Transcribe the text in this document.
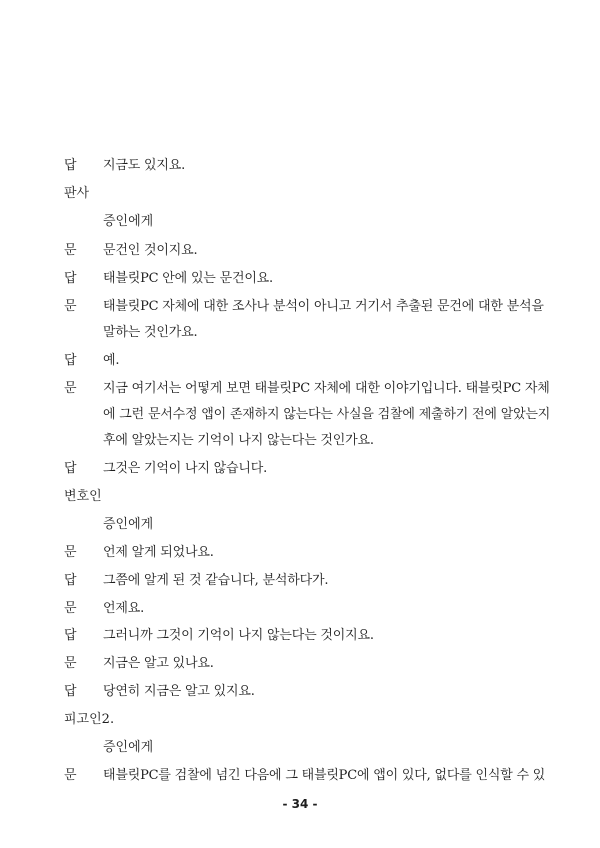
답 지금도 있지요.
판사
증인에게
문 문건인 것이지요.
답 태블릿PC 안에 있는 문건이요.
문 태블릿PC 자체에 대한 조사나 분석이 아니고 거기서 추출된 문건에 대한 분석을
말하는 것인가요.
답 예.
문 지금 여기서는 어떻게 보면 태블릿PC 자체에 대한 이야기입니다. 태블릿PC 자체
에 그런 문서수정 앱이 존재하지 않는다는 사실을 검찰에 제출하기 전에 알았는지
후에 알았는지는 기억이 나지 않는다는 것인가요.
답 그것은 기억이 나지 않습니다.
변호인
증인에게
문 언제 알게 되었나요.
답 그쯤에 알게 된 것 같습니다, 분석하다가.
문 언제요.
답 그러니까 그것이 기억이 나지 않는다는 것이지요.
문 지금은 알고 있나요.
답 당연히 지금은 알고 있지요.
피고인2.
증인에게
문 태블릿PC를 검찰에 넘긴 다음에 그 태블릿PC에 앱이 있다, 없다를 인식할 수 있
- 34 -
